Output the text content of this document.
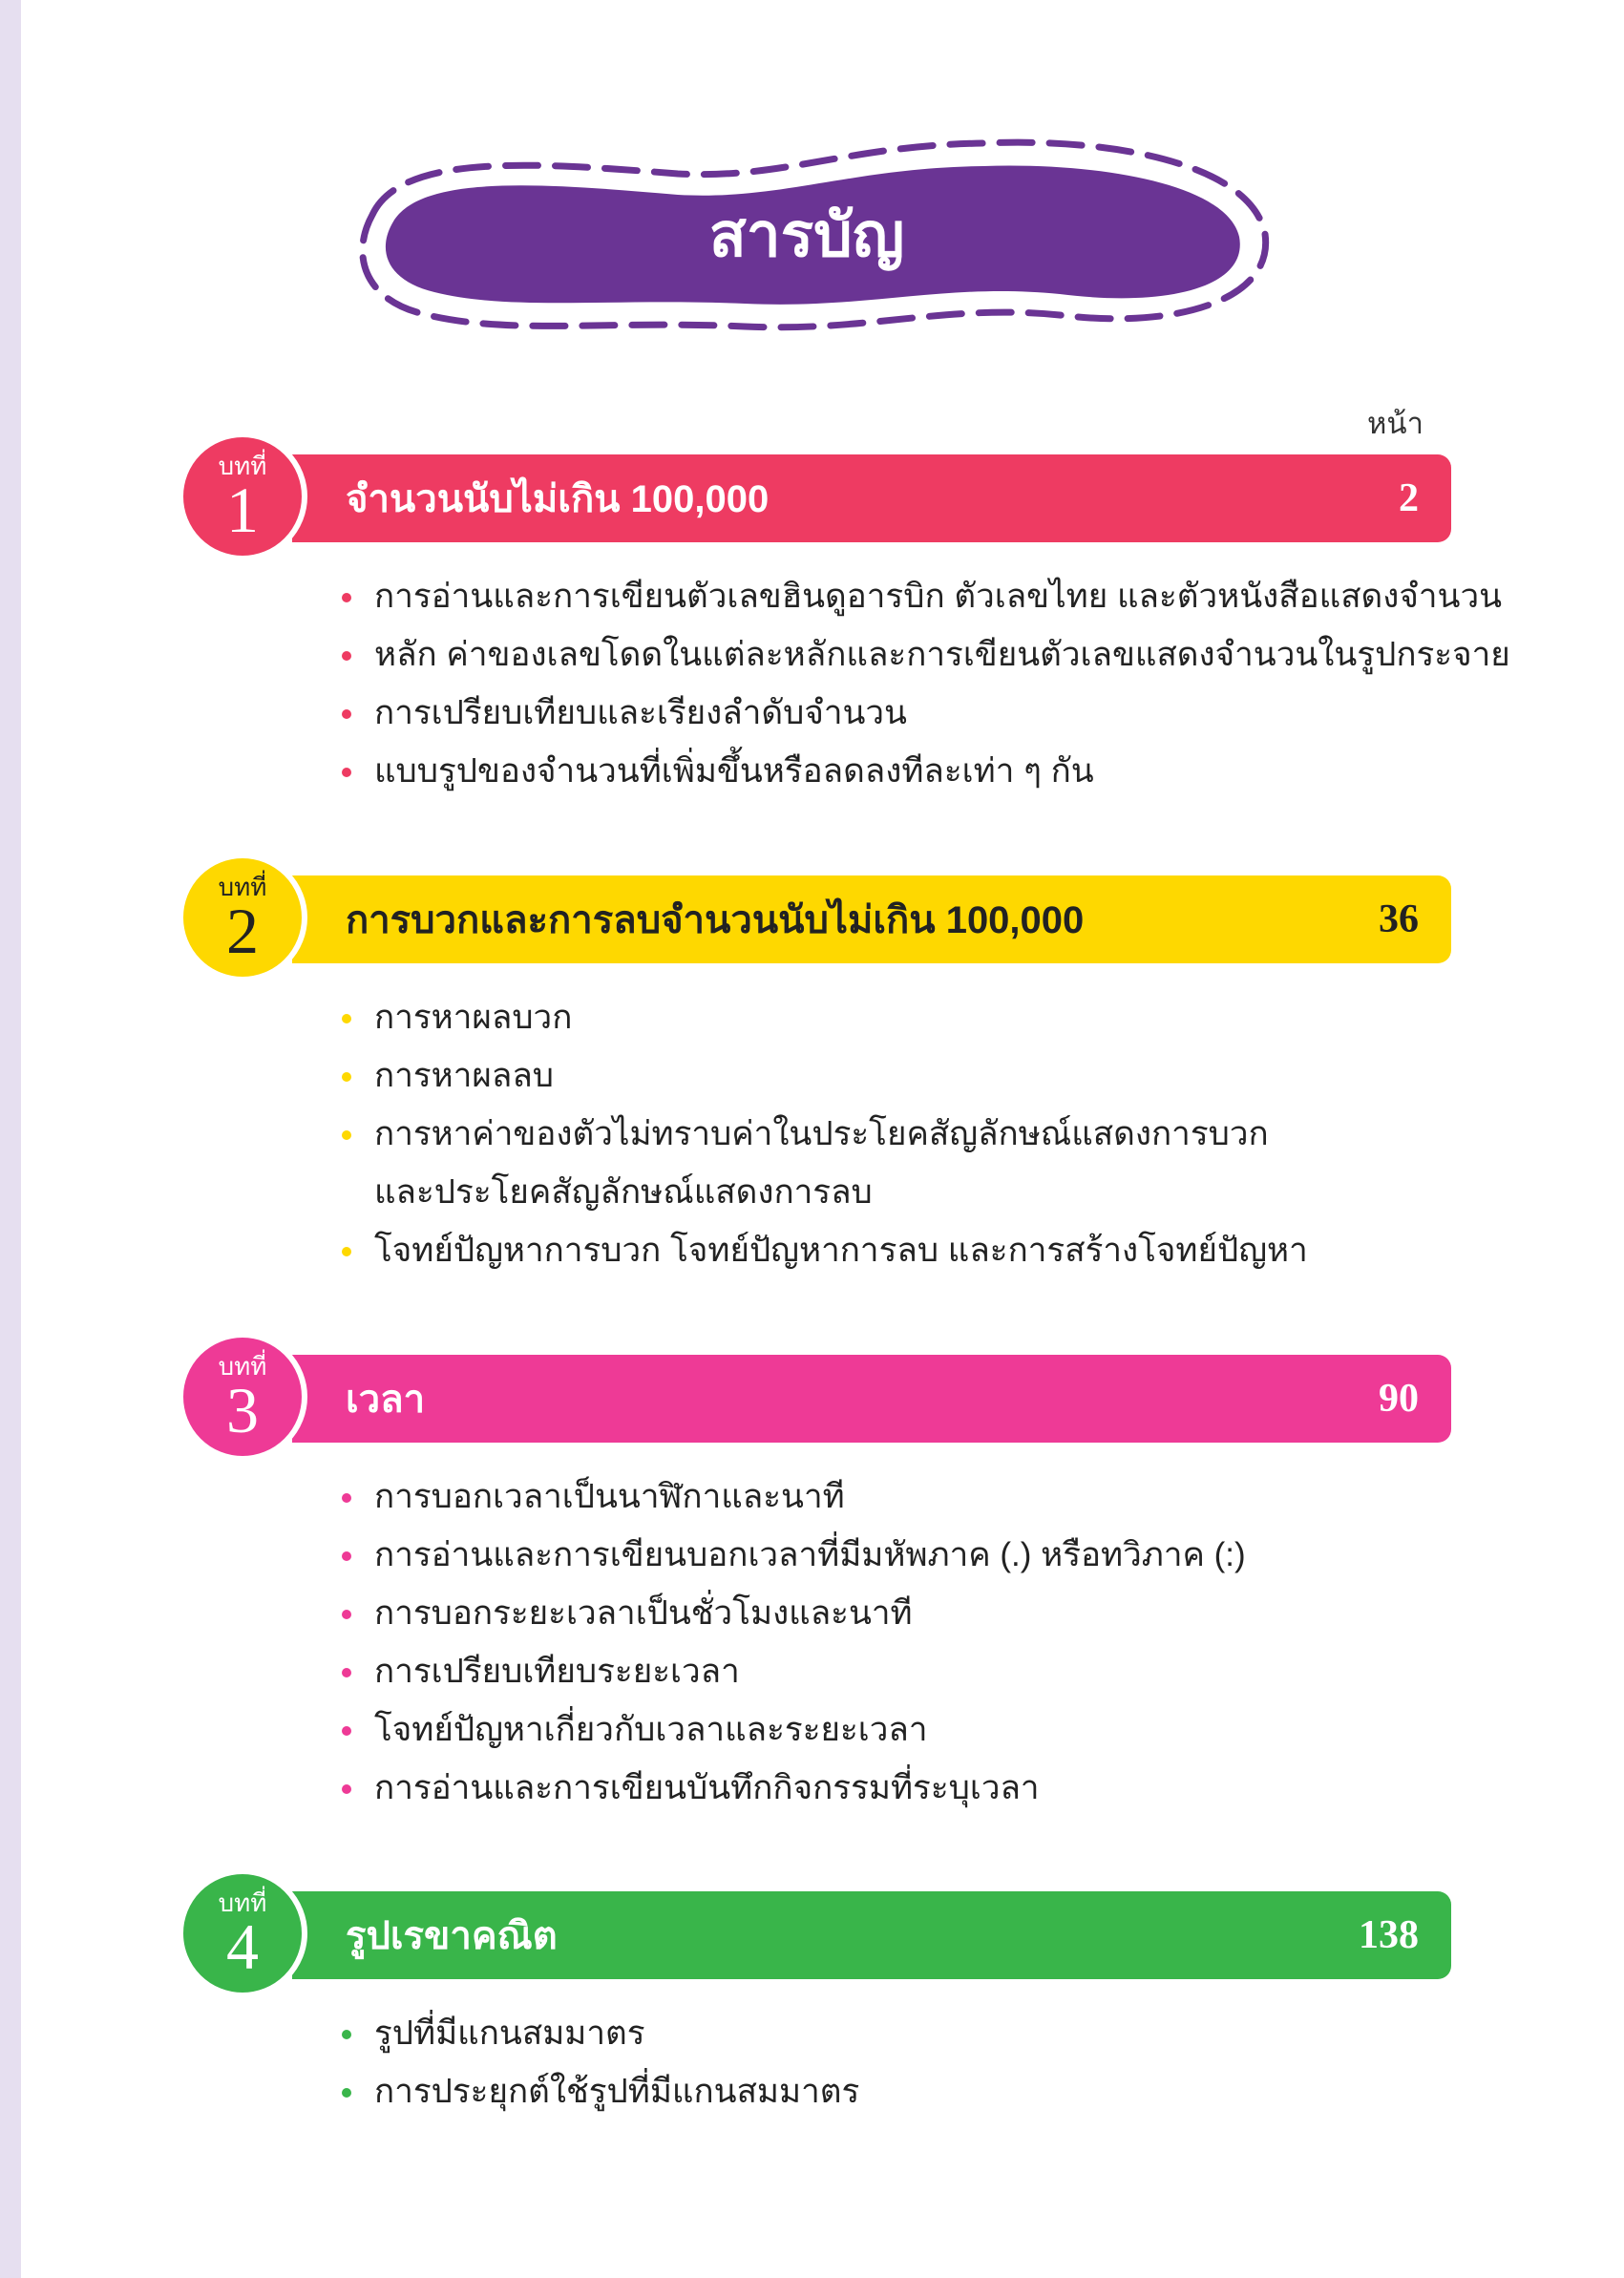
สารบัญ
หน้า
บทที่
1 จำนวนนับไม่เกิน 100,000	2
การอ่านและการเขียนตัวเลขฮินดูอารบิก ตัวเลขไทย และตัวหนังสือแสดงจำนวน
หลัก ค่าของเลขโดดในแต่ละหลักและการเขียนตัวเลขแสดงจำนวนในรูปกระจาย
การเปรียบเทียบและเรียงลำดับจำนวน
แบบรูปของจำนวนที่เพิ่มขึ้นหรือลดลงทีละเท่า ๆ กัน
บทที่
2 การบวกและการลบจำนวนนับไม่เกิน 100,000	36
การหาผลบวก
การหาผลลบ
การหาค่าของตัวไม่ทราบค่าในประโยคสัญลักษณ์แสดงการบวก
และประโยคสัญลักษณ์แสดงการลบ
โจทย์ปัญหาการบวก โจทย์ปัญหาการลบ และการสร้างโจทย์ปัญหา
บทที่
3 เวลา	90
การบอกเวลาเป็นนาฬิกาและนาที
การอ่านและการเขียนบอกเวลาที่มีมหัพภาค (.) หรือทวิภาค (:)
การบอกระยะเวลาเป็นชั่วโมงและนาที
การเปรียบเทียบระยะเวลา
โจทย์ปัญหาเกี่ยวกับเวลาและระยะเวลา
การอ่านและการเขียนบันทึกกิจกรรมที่ระบุเวลา
บทที่
4 รูปเรขาคณิต	138
รูปที่มีแกนสมมาตร
การประยุกต์ใช้รูปที่มีแกนสมมาตร
